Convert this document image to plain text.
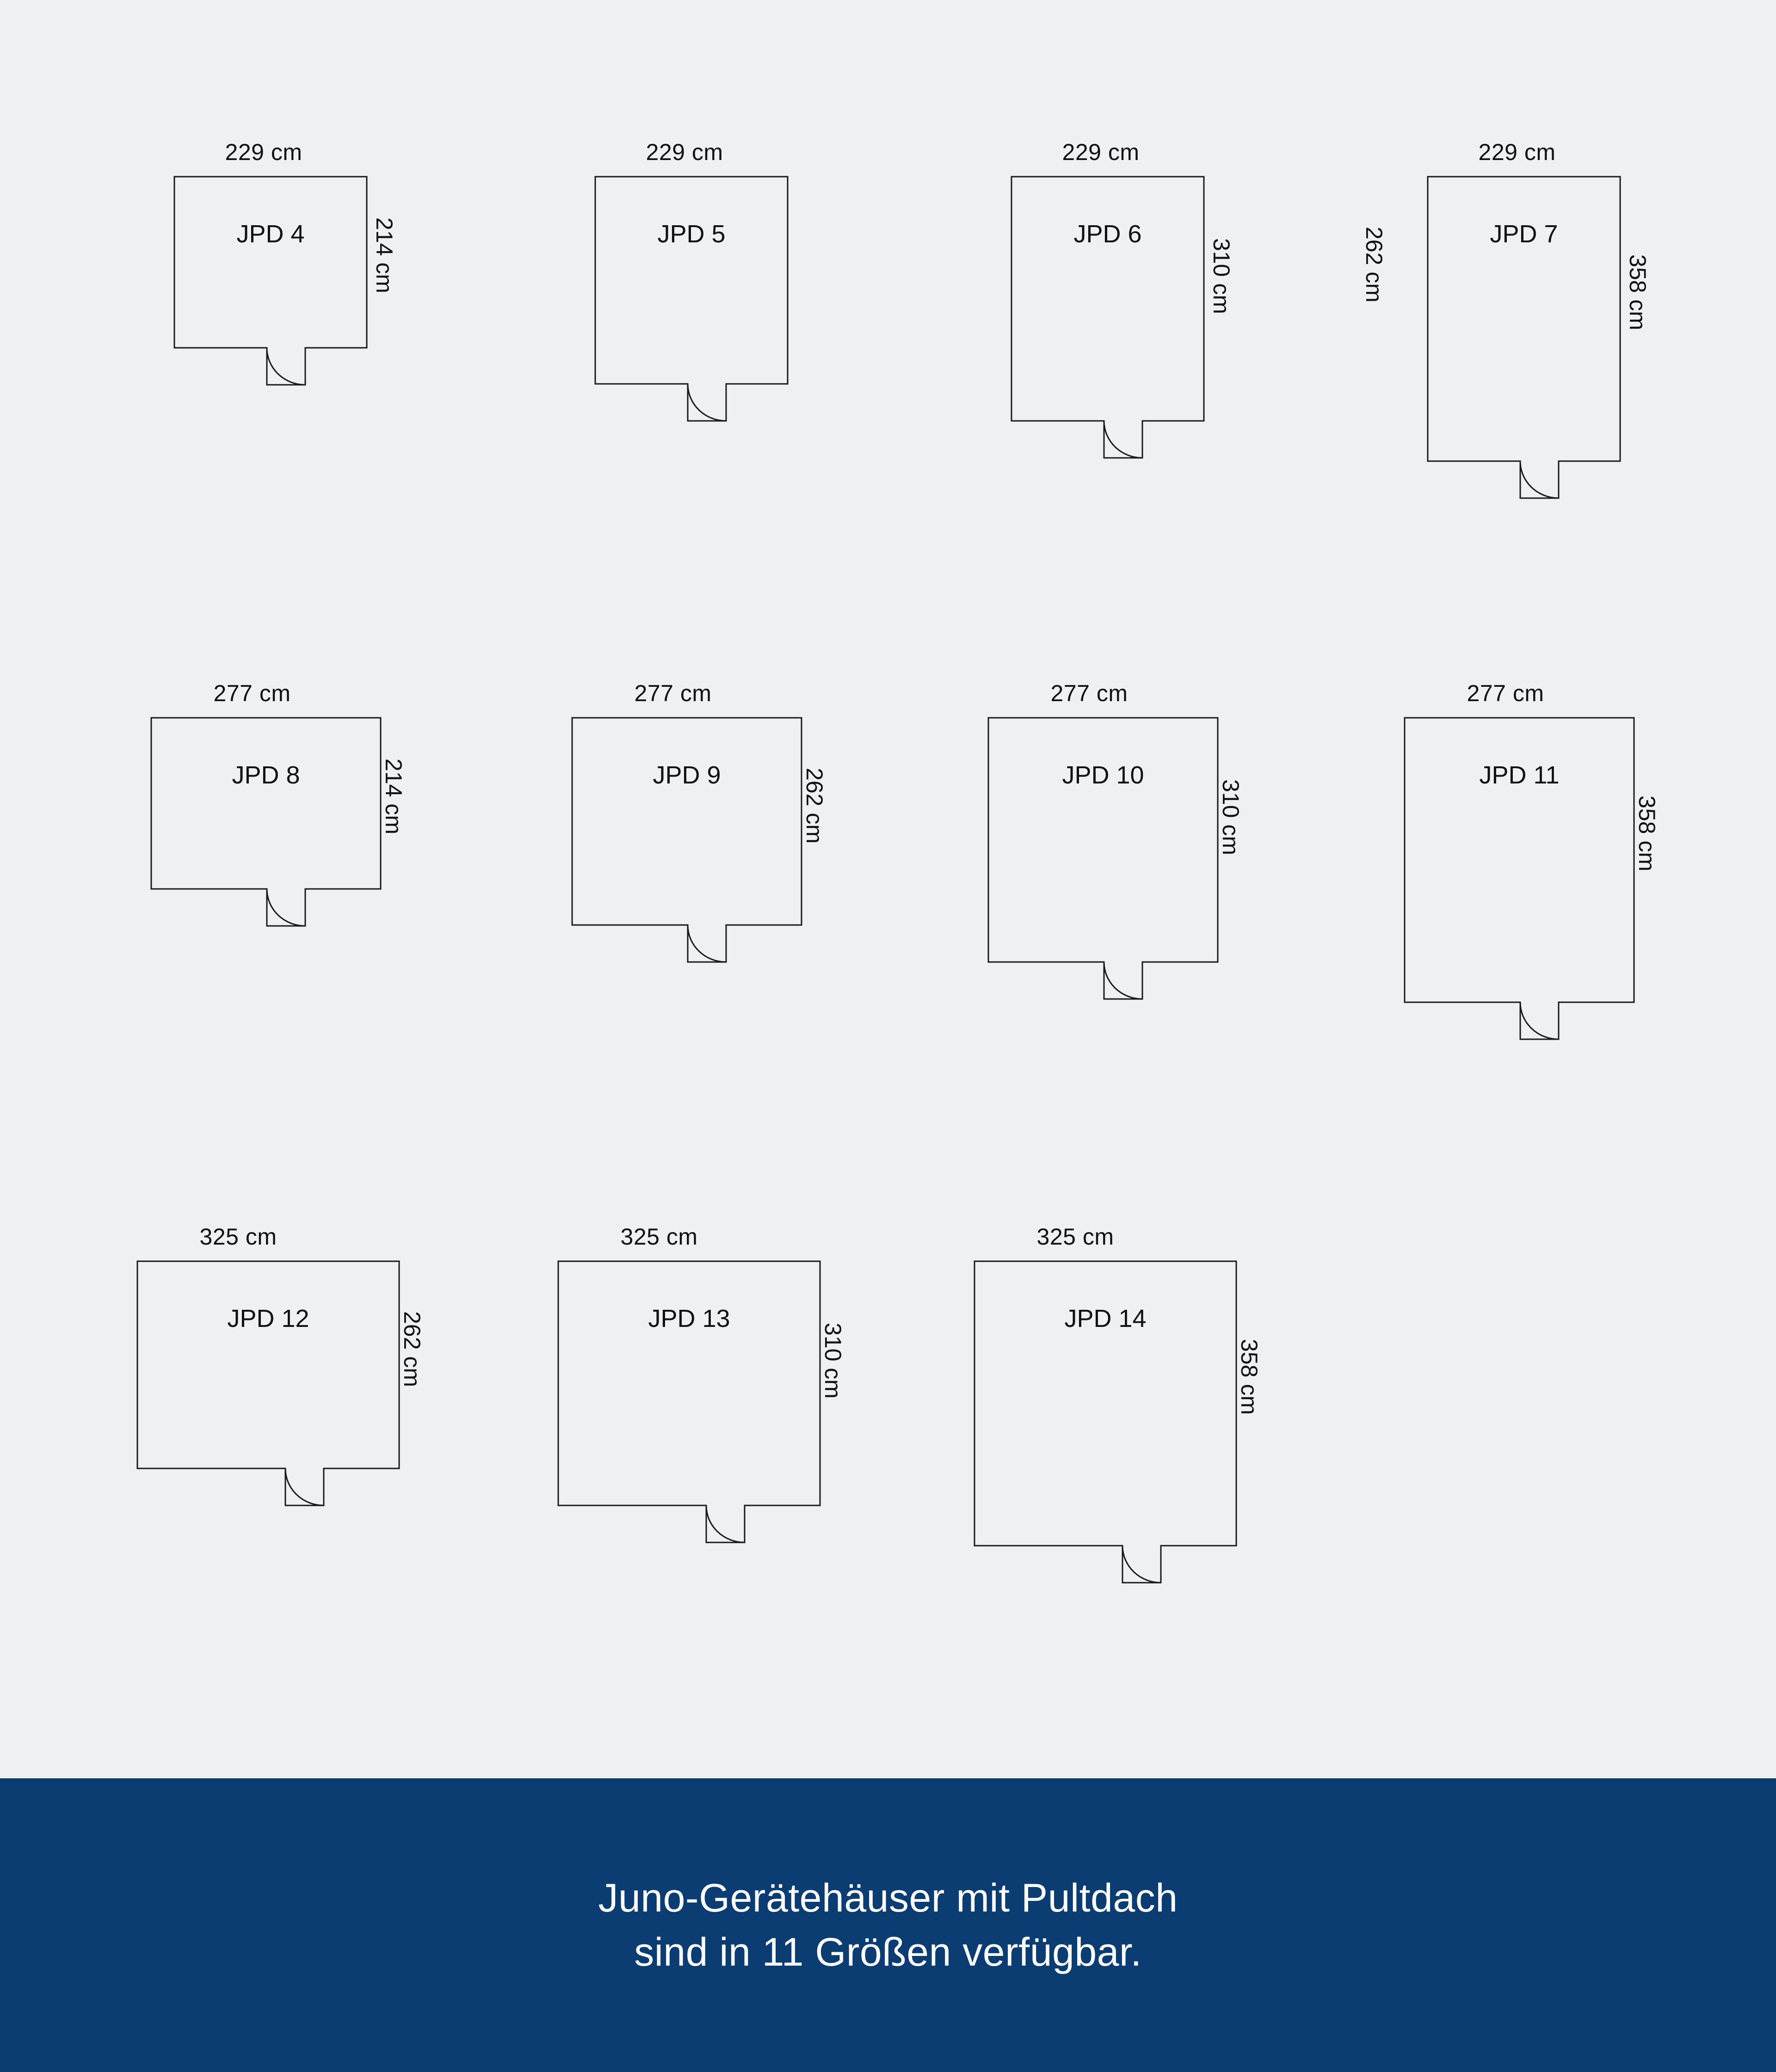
229 cm
JPD 4	214 cm
229 cm
JPD 5	262 cm
229 cm
JPD 6
310 cm
229 cm
JPD 7
358 cm
277 cm
JPD 8	214 cm
277 cm
JPD 9	262 cm
277 cm
JPD 10
310 cm
277 cm
JPD 11
358 cm
325 cm
JPD 12	262 cm
325 cm
JPD 13
310 cm
325 cm
JPD 14
358 cm
Juno-Gerätehäuser mit Pultdach
sind in 11 Größen verfügbar.
